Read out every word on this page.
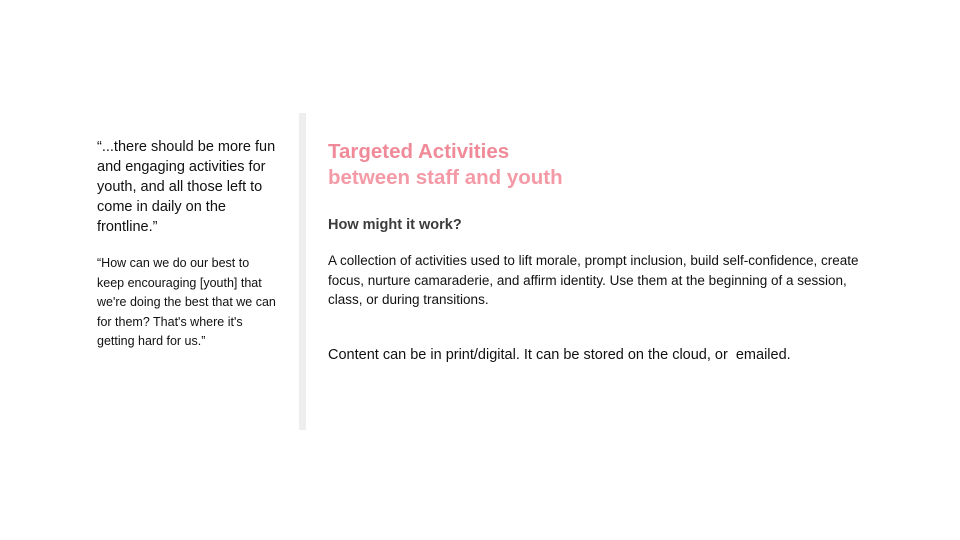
“...there should be more fun and engaging activities for youth, and all those left to come in daily on the frontline.”

“How can we do our best to keep encouraging [youth] that we're doing the best that we can for them? That's where it's getting hard for us.”

Targeted Activities
between staff and youth
How might it work?

A collection of activities used to lift morale, prompt inclusion, build self-confidence, create focus, nurture camaraderie, and affirm identity. Use them at the beginning of a session, class, or during transitions.

Content can be in print/digital. It can be stored on the cloud, or  emailed.
